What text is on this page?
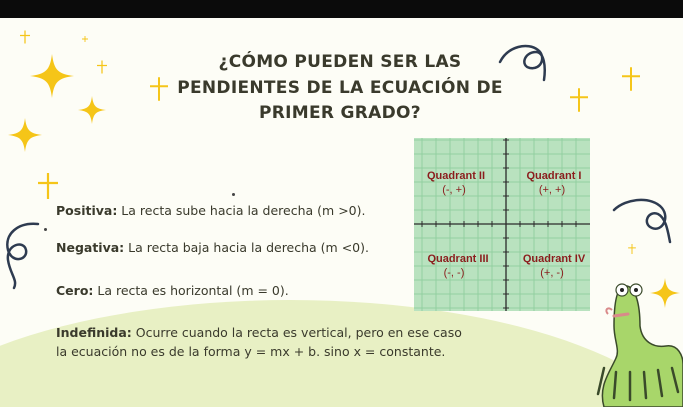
¿CÓMO PUEDEN SER LAS
PENDIENTES DE LA ECUACIÓN DE
PRIMER GRADO?
Positiva: La recta sube hacia la derecha (m >0).
Negativa: La recta baja hacia la derecha (m <0).
Cero: La recta es horizontal (m = 0).
Indefinida: Ocurre cuando la recta es vertical, pero en ese caso
la ecuación no es de la forma y = mx + b. sino x = constante.
Quadrant II
(-, +)
Quadrant I
(+, +)
Quadrant III
(-, -)
Quadrant IV
(+, -)
